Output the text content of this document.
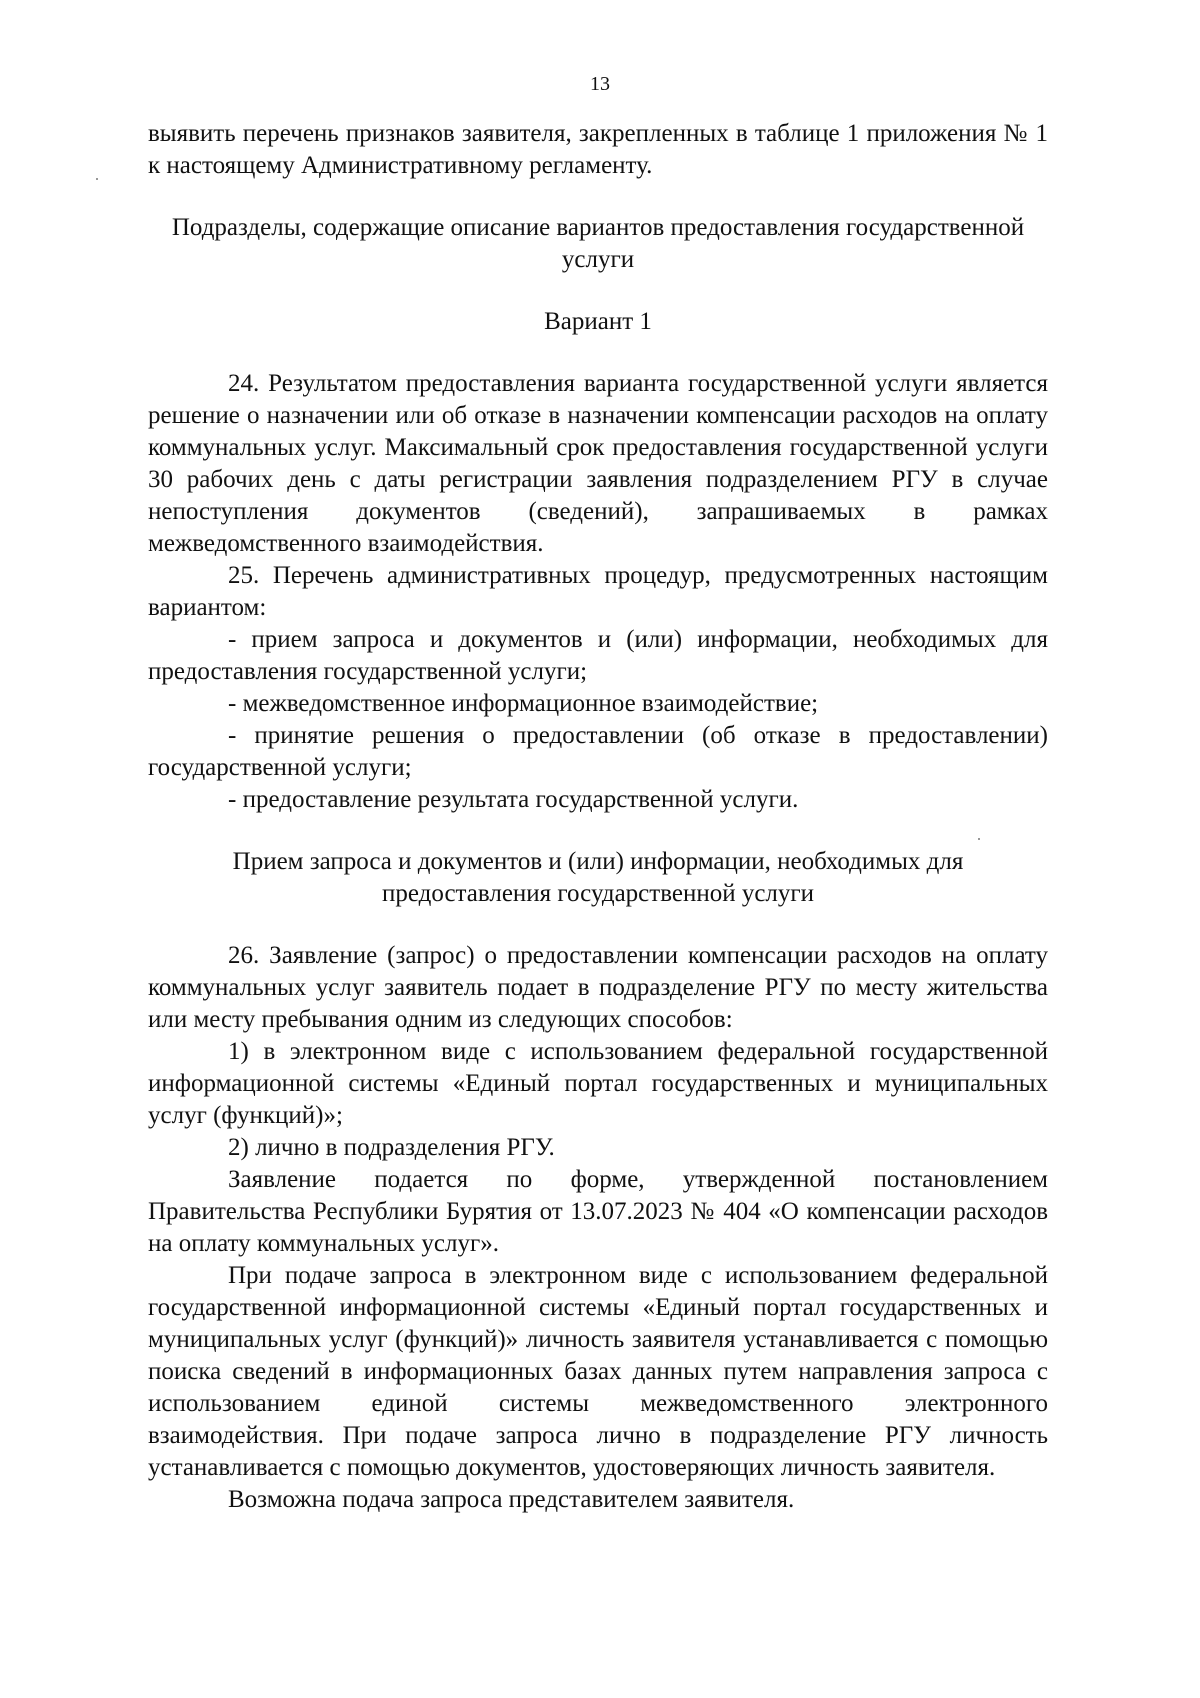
13

выявить перечень признаков заявителя, закрепленных в таблице 1 приложения № 1 к настоящему Административному регламенту.

Подразделы, содержащие описание вариантов предоставления государственной услуги

Вариант 1

24. Результатом предоставления варианта государственной услуги является решение о назначении или об отказе в назначении компенсации расходов на оплату коммунальных услуг. Максимальный срок предоставления государственной услуги 30 рабочих день с даты регистрации заявления подразделением РГУ в случае непоступления документов (сведений), запрашиваемых в рамках межведомственного взаимодействия.

25. Перечень административных процедур, предусмотренных настоящим вариантом:

- прием запроса и документов и (или) информации, необходимых для предоставления государственной услуги;

- межведомственное информационное взаимодействие;

- принятие решения о предоставлении (об отказе в предоставлении) государственной услуги;

- предоставление результата государственной услуги.

Прием запроса и документов и (или) информации, необходимых для предоставления государственной услуги

26. Заявление (запрос) о предоставлении компенсации расходов на оплату коммунальных услуг заявитель подает в подразделение РГУ по месту жительства или месту пребывания одним из следующих способов:

1) в электронном виде с использованием федеральной государственной информационной системы «Единый портал государственных и муниципальных услуг (функций)»;

2) лично в подразделения РГУ.

Заявление подается по форме, утвержденной постановлением Правительства Республики Бурятия от 13.07.2023 № 404 «О компенсации расходов на оплату коммунальных услуг».

При подаче запроса в электронном виде с использованием федеральной государственной информационной системы «Единый портал государственных и муниципальных услуг (функций)» личность заявителя устанавливается с помощью поиска сведений в информационных базах данных путем направления запроса с использованием единой системы межведомственного электронного взаимодействия. При подаче запроса лично в подразделение РГУ личность устанавливается с помощью документов, удостоверяющих личность заявителя.

Возможна подача запроса представителем заявителя.
